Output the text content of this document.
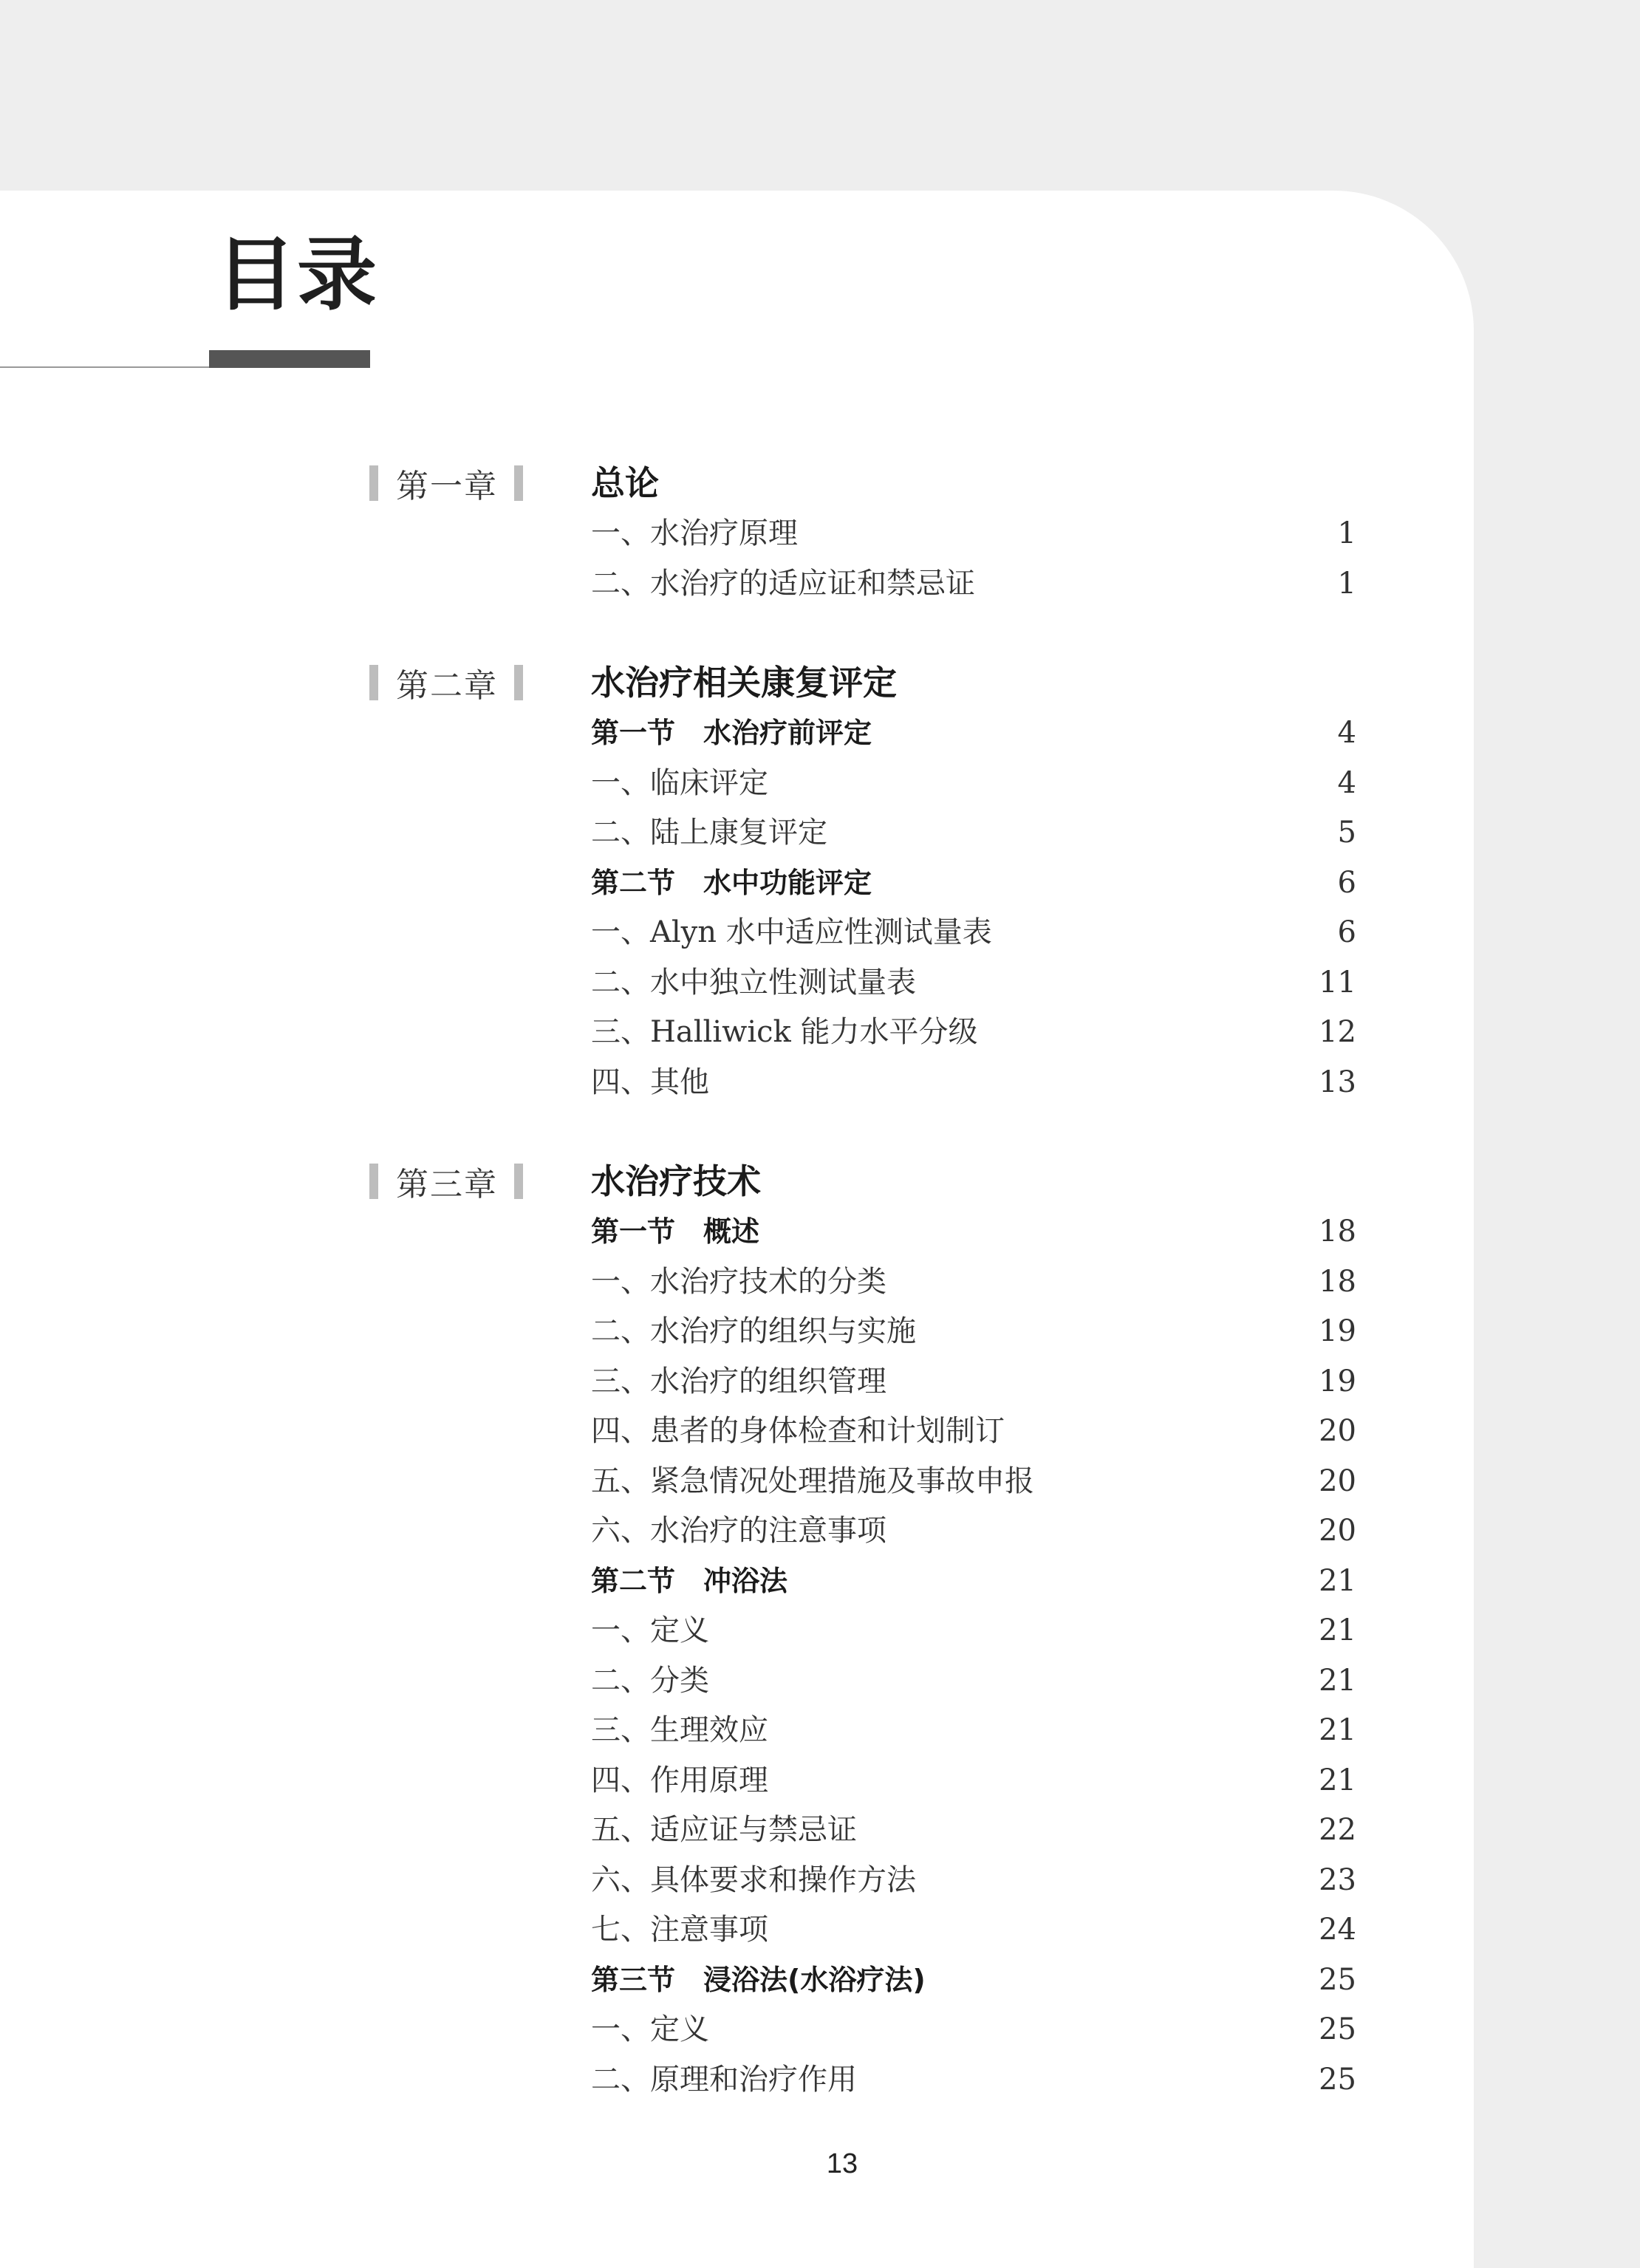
目录
第一章	总论
一、水治疗原理	1
二、水治疗的适应证和禁忌证	1
第二章	水治疗相关康复评定
第一节　水治疗前评定	4
一、临床评定	4
二、陆上康复评定	5
第二节　水中功能评定	6
一、Alyn 水中适应性测试量表	6
二、水中独立性测试量表	11
三、Halliwick 能力水平分级	12
四、其他	13
第三章	水治疗技术
第一节　概述	18
一、水治疗技术的分类	18
二、水治疗的组织与实施	19
三、水治疗的组织管理	19
四、患者的身体检查和计划制订	20
五、紧急情况处理措施及事故申报	20
六、水治疗的注意事项	20
第二节　冲浴法	21
一、定义	21
二、分类	21
三、生理效应	21
四、作用原理	21
五、适应证与禁忌证	22
六、具体要求和操作方法	23
七、注意事项	24
第三节　浸浴法(水浴疗法)	25
一、定义	25
二、原理和治疗作用	25
13
